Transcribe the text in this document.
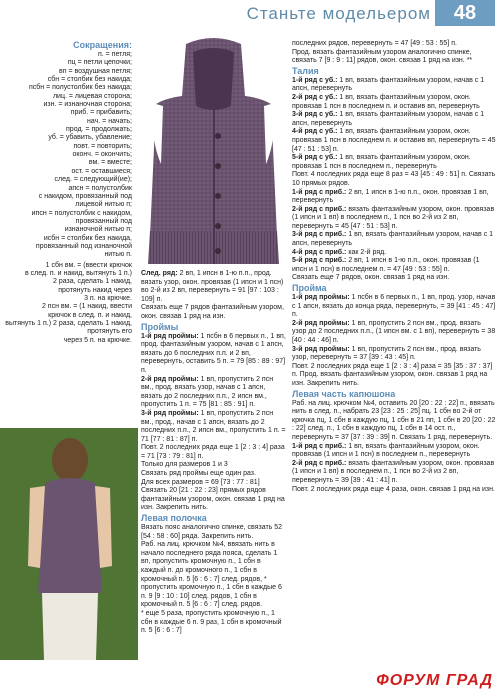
Станьте модельером	48

Сокращения:

п. = петля;

пц = петли цепочки;

вп = воздушная петля;

сбн = столбик без накида;

псбн = полустолбик без накида;

лиц. = лицевая сторона;

изн. = изнаночная сторона;

приб. = прибавить;

нач. = начать;

прод. = продолжать;

уб. = убавить, убавление;

повт. = повторить;

оконч. = окончить;

вм. = вместе;

ост. = оставшиеся;

след. = следующий(ие);

апсн = полустолбик

с накидом, провязанный под

лицевой нитью п;

ипсн = полустолбик с накидом,

провязанный под

изнаночной нитью п;

исбн = столбик без накида,

провязанный под изнаночной

нитью п.

1 сбн вм. = (ввести крючок

в след. п. и накид, вытянуть 1 п.)

2 раза, сделать 1 накид,

протянуть накид через

3 п. на крючке.

2 псн вм. = (1 накид, ввести

крючок в след. п. и накид,

вытянуть 1 п.) 2 раза, сделать 1 накид, протянуть его

через 5 п. на крючке.

След. ряд: 2 вп, 1 ипсн в 1-ю п.п., прод. вязать узор, окон. провязав (1 ипсн и 1 псн) во 2-й из 2 вп, перевернуть = 91 [97 : 103 : 109] п.

Связать еще 7 рядов фантазийным узором, окон. связав 1 ряд на изн.

Проймы

1-й ряд проймы: 1 псбн в 6 первых п., 1 вп, прод. фантазийным узором, начав с 1 апсн, вязать до 6 последних п.п. и 2 вп, перевернуть, оставить 5 п. = 79 [85 : 89 : 97] п.

2-й ряд проймы: 1 вп, пропустить 2 псн вм., прод. вязать узор, начав с 1 апсн, вязать до 2 последних п.п., 2 ипсн вм., пропустить 1 п. = 75 [81 : 85 : 91] п.

3-й ряд проймы: 1 вп, пропустить 2 псн вм., прод., начав с 1 апсн, вязать до 2 последних п.п., 2 ипсн вм., пропустить 1 п. = 71 [77 : 81 : 87] п.

Повт. 2 последних ряда еще 1 [2 : 3 : 4] раза = 71 [73 : 79 : 81] п.

Только для размеров 1 и 3

Связать ряд проймы еще один раз.

Для всех размеров = 69 [73 : 77 : 81]

Связать 20 [21 : 22 : 23] прямых рядов фантазийным узором, окон. связав 1 ряд на изн. Закрепить нить.

Левая полочка

Вязать пояс аналогично спинке, связать 52 [54 : 58 : 60] ряда. Закрепить нить.

Раб. на лиц. крючком №4, ввязать нить в начало последнего ряда пояса, сделать 1 вп, пропустить кромочную п., 1 сбн в каждый п. до кромочного п., 1 сбн в кромочный п. 5 [6 : 6 : 7] след. рядов, *

пропустить кромочную п., 1 сбн в каждые 6 п. 9 [9 : 10 : 10] след. рядов, 1 сбн в кромочный п. 5 [6 : 6 : 7] след. рядов.

* еще 5 раза, пропустить кромочную п., 1 сбн в каждые 6 п. 9 раз, 1 сбн в кромочный п. 5 [6 : 6 : 7]

последних рядов, перевернуть = 47 [49 : 53 : 55] п.

Прод. вязать фантазийным узором аналогично спинке, связать 7 [9 : 9 : 11] рядов, окон. связав 1 ряд на изн. **

Талия

1-й ряд с уб.: 1 вп, вязать фантазийным узором, начав с 1 апсн, перевернуть

2-й ряд с уб.: 1 вп, вязать фантазийным узором, окон. провязав 1 псн в последнем п. и оставив вп, перевернуть

3-й ряд с уб.: 1 вп, вязать фантазийным узором, начав с 1 апсн, перевернуть

4-й ряд с уб.: 1 вп, вязать фантазийным узором, окон. провязав 1 псн в последнем п. и оставив вп, перевернуть = 45 [47 : 51 : 53] п.

5-й ряд с уб.: 1 вп, вязать фантазийным узором, окон. провязав 1 псн в последнем п., перевернуть

Повт. 4 последних ряда еще 8 раз = 43 [45 : 49 : 51] п. Связать 10 прямых рядов.

1-й ряд с приб.: 2 вп, 1 ипсн в 1-ю п.п., окон. провязав 1 вп, перевернуть

2-й ряд с приб.: вязать фантазийным узором, окон. провязав (1 ипсн и 1 вп) в последнем п., 1 псн во 2-й из 2 вп, перевернуть = 45 [47 : 51 : 53] п.

3-й ряд с приб.: 1 вп, вязать фантазийным узором, начав с 1 апсн, перевернуть

4-й ряд с приб.: как 2-й ряд.

5-й ряд с приб.: 2 вп, 1 ипсн в 1-ю п.п., окон. провязав (1 ипсн и 1 псн) в последнем п. = 47 [49 : 53 : 55] п.

Связать еще 7 рядов, окон. связав 1 ряд на изн.

Пройма

1-й ряд проймы: 1 псбн в 6 первых п., 1 вп, прод. узор, начав с 1 апсн, вязать до конца ряда, перевернуть, = 39 [41 : 45 : 47] п.

2-й ряд проймы: 1 вп, пропустить 2 псн вм., прод. вязать узор до 2 последних п.п., (1 ипсн вм. с 1 вп), перевернуть = 38 [40 : 44 : 46] п.

3-й ряд проймы: 1 вп, пропустить 2 псн вм., прод. вязать узор, перевернуть = 37 [39 : 43 : 45] п.

Повт. 2 последних ряда еще 1 [2 : 3 : 4] раза = 35 [35 : 37 : 37] п. Прод. вязать фантазийным узором, окон. связав 1 ряд на изн. Закрепить нить.

Левая часть капюшона

Раб. на лиц. крючком №4, оставить 20 [20 : 22 : 22] п., ввязать нить в след. п., набрать 23 [23 : 25 : 25] пц. 1 сбн во 2-й от крючка пц, 1 сбн в каждую пц, 1 сбн в 21 пп, 1 сбн в 20 [20 : 22 : 22] след. п., 1 сбн в каждую пц, 1 сбн в 14 ост. п., перевернуть = 37 [37 : 39 : 39] п. Связать 1 ряд, перевернуть.

1-й ряд с приб.: 1 вп, вязать фантазийным узором, окон. провязав (1 ипсн и 1 псн) в последнем п., перевернуть

2-й ряд с приб.: вязать фантазийным узором, окон. провязав (1 ипсн и 1 вп) в последнем п., 1 псн во 2-й из 2 вп, перевернуть = 39 [39 : 41 : 41] п.

Повт. 2 последних ряда еще 4 раза, окон. связав 1 ряд на изн.

ФОРУМ ГРАД
